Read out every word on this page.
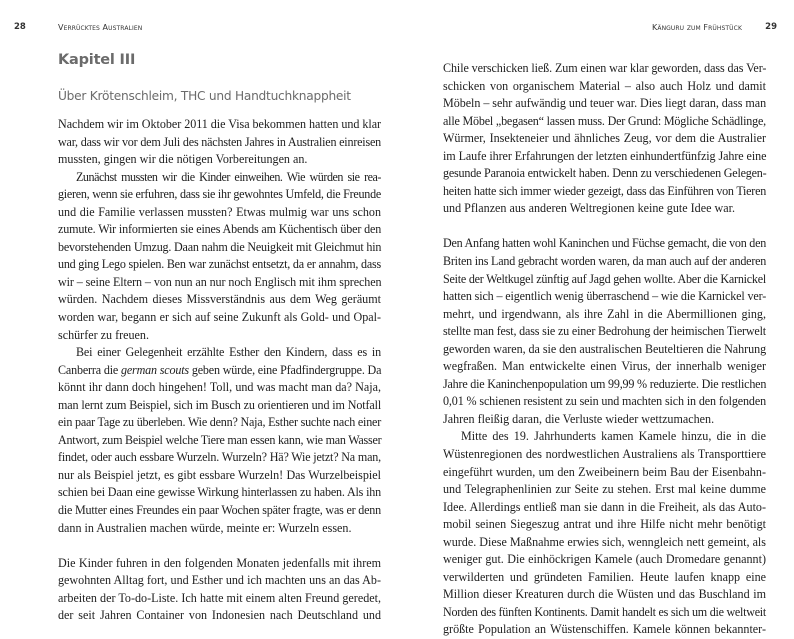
28	Verrücktes Australien
Kapitel III
Über Krötenschleim, THC und Handtuchknappheit

Nachdem wir im Oktober 2011 die Visa bekommen hatten und klar
war, dass wir vor dem Juli des nächsten Jahres in Australien einreisen
mussten, gingen wir die nötigen Vorbereitungen an.

Zunächst mussten wir die Kinder einweihen. Wie würden sie rea-
gieren, wenn sie erfuhren, dass sie ihr gewohntes Umfeld, die Freunde
und die Familie verlassen mussten? Etwas mulmig war uns schon
zumute. Wir informierten sie eines Abends am Küchentisch über den
bevorstehenden Umzug. Daan nahm die Neuigkeit mit Gleichmut hin
und ging Lego spielen. Ben war zunächst entsetzt, da er annahm, dass
wir – seine Eltern – von nun an nur noch Englisch mit ihm sprechen
würden. Nachdem dieses Missverständnis aus dem Weg geräumt
worden war, begann er sich auf seine Zukunft als Gold- und Opal-
schürfer zu freuen.

Bei einer Gelegenheit erzählte Esther den Kindern, dass es in
Canberra die german scouts geben würde, eine Pfadfindergruppe. Da
könnt ihr dann doch hingehen! Toll, und was macht man da? Naja,
man lernt zum Beispiel, sich im Busch zu orientieren und im Notfall
ein paar Tage zu überleben. Wie denn? Naja, Esther suchte nach einer
Antwort, zum Beispiel welche Tiere man essen kann, wie man Wasser
findet, oder auch essbare Wurzeln. Wurzeln? Hä? Wie jetzt? Na man,
nur als Beispiel jetzt, es gibt essbare Wurzeln! Das Wurzelbeispiel
schien bei Daan eine gewisse Wirkung hinterlassen zu haben. Als ihn
die Mutter eines Freundes ein paar Wochen später fragte, was er denn
dann in Australien machen würde, meinte er: Wurzeln essen.

Die Kinder fuhren in den folgenden Monaten jedenfalls mit ihrem
gewohnten Alltag fort, und Esther und ich machten uns an das Ab-
arbeiten der To-do-Liste. Ich hatte mit einem alten Freund geredet,
der seit Jahren Container von Indonesien nach Deutschland und

Känguru zum Frühstück	29

Chile verschicken ließ. Zum einen war klar geworden, dass das Ver-
schicken von organischem Material – also auch Holz und damit
Möbeln – sehr aufwändig und teuer war. Dies liegt daran, dass man
alle Möbel „begasen“ lassen muss. Der Grund: Mögliche Schädlinge,
Würmer, Insekteneier und ähnliches Zeug, vor dem die Australier
im Laufe ihrer Erfahrungen der letzten einhundertfünfzig Jahre eine
gesunde Paranoia entwickelt haben. Denn zu verschiedenen Gelegen-
heiten hatte sich immer wieder gezeigt, dass das Einführen von Tieren
und Pflanzen aus anderen Weltregionen keine gute Idee war.

Den Anfang hatten wohl Kaninchen und Füchse gemacht, die von den
Briten ins Land gebracht worden waren, da man auch auf der anderen
Seite der Weltkugel zünftig auf Jagd gehen wollte. Aber die Karnickel
hatten sich – eigentlich wenig überraschend – wie die Karnickel ver-
mehrt, und irgendwann, als ihre Zahl in die Abermillionen ging,
stellte man fest, dass sie zu einer Bedrohung der heimischen Tierwelt
geworden waren, da sie den australischen Beuteltieren die Nahrung
wegfraßen. Man entwickelte einen Virus, der innerhalb weniger
Jahre die Kaninchenpopulation um 99,99 % reduzierte. Die restlichen
0,01 % schienen resistent zu sein und machten sich in den folgenden
Jahren fleißig daran, die Verluste wieder wettzumachen.

Mitte des 19. Jahrhunderts kamen Kamele hinzu, die in die
Wüstenregionen des nordwestlichen Australiens als Transporttiere
eingeführt wurden, um den Zweibeinern beim Bau der Eisenbahn-
und Telegraphenlinien zur Seite zu stehen. Erst mal keine dumme
Idee. Allerdings entließ man sie dann in die Freiheit, als das Auto-
mobil seinen Siegeszug antrat und ihre Hilfe nicht mehr benötigt
wurde. Diese Maßnahme erwies sich, wenngleich nett gemeint, als
weniger gut. Die einhöckrigen Kamele (auch Dromedare genannt)
verwilderten und gründeten Familien. Heute laufen knapp eine
Million dieser Kreaturen durch die Wüsten und das Buschland im
Norden des fünften Kontinents. Damit handelt es sich um die weltweit
größte Population an Wüstenschiffen. Kamele können bekannter-
